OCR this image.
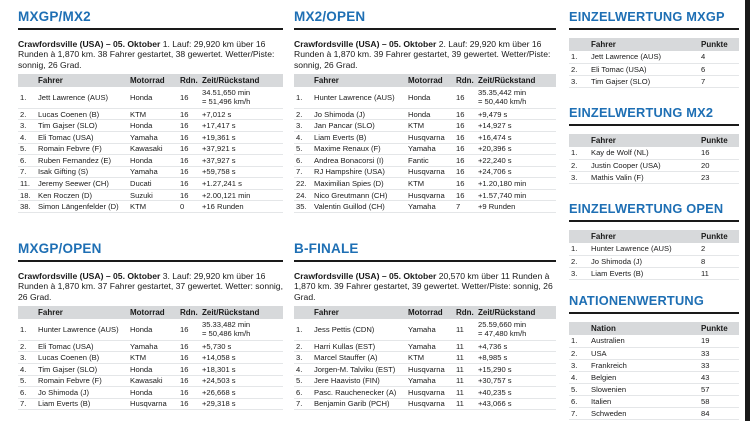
MXGP/MX2
Crawfordsville (USA) – 05. Oktober 1. Lauf: 29,920 km über 16 Runden à 1,870 km. 38 Fahrer gestartet, 38 gewertet. Wetter/Piste: sonnig, 26 Grad.
	Fahrer	Motorrad	Rdn.	Zeit/Rückstand
1.	Jett Lawrence (AUS)	Honda	16	34.51,650 min
= 51,496 km/h
2.	Lucas Coenen (B)	KTM	16	+7,012 s
3.	Tim Gajser (SLO)	Honda	16	+17,417 s
4.	Eli Tomac (USA)	Yamaha	16	+19,361 s
5.	Romain Febvre (F)	Kawasaki	16	+37,921 s
6.	Ruben Fernandez (E)	Honda	16	+37,927 s
7.	Isak Gifting (S)	Yamaha	16	+59,758 s
11.	Jeremy Seewer (CH)	Ducati	16	+1.27,241 s
18.	Ken Roczen (D)	Suzuki	16	+2.00,121 min
38.	Simon Längenfelder (D)	KTM	0	+16 Runden
MX2/OPEN
Crawfordsville (USA) – 05. Oktober 2. Lauf: 29,920 km über 16 Runden à 1,870 km. 39 Fahrer gestartet, 39 gewertet. Wetter/Piste: sonnig, 26 Grad.
	Fahrer	Motorrad	Rdn.	Zeit/Rückstand
1.	Hunter Lawrence (AUS)	Honda	16	35.35,442 min
= 50,440 km/h
2.	Jo Shimoda (J)	Honda	16	+9,479 s
3.	Jan Pancar (SLO)	KTM	16	+14,927 s
4.	Liam Everts (B)	Husqvarna	16	+16,474 s
5.	Maxime Renaux (F)	Yamaha	16	+20,396 s
6.	Andrea Bonacorsi (I)	Fantic	16	+22,240 s
7.	RJ Hampshire (USA)	Husqvarna	16	+24,706 s
22.	Maximilian Spies (D)	KTM	16	+1.20,180 min
24.	Nico Greutmann (CH)	Husqvarna	16	+1.57,740 min
35.	Valentin Guillod (CH)	Yamaha	7	+9 Runden
MXGP/OPEN
Crawfordsville (USA) – 05. Oktober 3. Lauf: 29,920 km über 16 Runden à 1,870 km. 37 Fahrer gestartet, 37 gewertet. Wetter: sonnig, 26 Grad.
	Fahrer	Motorrad	Rdn.	Zeit/Rückstand
1.	Hunter Lawrence (AUS)	Honda	16	35.33,482 min
= 50,486 km/h
2.	Eli Tomac (USA)	Yamaha	16	+5,730 s
3.	Lucas Coenen (B)	KTM	16	+14,058 s
4.	Tim Gajser (SLO)	Honda	16	+18,301 s
5.	Romain Febvre (F)	Kawasaki	16	+24,503 s
6.	Jo Shimoda (J)	Honda	16	+26,668 s
7.	Liam Everts (B)	Husqvarna	16	+29,318 s
B-FINALE
Crawfordsville (USA) – 05. Oktober 20,570 km über 11 Runden à 1,870 km. 39 Fahrer gestartet, 39 gewertet. Wetter/Piste: sonnig, 26 Grad.
	Fahrer	Motorrad	Rdn.	Zeit/Rückstand
1.	Jess Pettis (CDN)	Yamaha	11	25.59,660 min
= 47,480 km/h
2.	Harri Kullas (EST)	Yamaha	11	+4,736 s
3.	Marcel Stauffer (A)	KTM	11	+8,985 s
4.	Jorgen-M. Talviku (EST)	Husqvarna	11	+15,290 s
5.	Jere Haavisto (FIN)	Yamaha	11	+30,757 s
6.	Pasc. Rauchenecker (A)	Husqvarna	11	+40,235 s
7.	Benjamin Garib (PCH)	Husqvarna	11	+43,066 s
EINZELWERTUNG MXGP
	Fahrer	Punkte
1.	Jett Lawrence (AUS)	4
2.	Eli Tomac (USA)	6
3.	Tim Gajser (SLO)	7
EINZELWERTUNG MX2
	Fahrer	Punkte
1.	Kay de Wolf (NL)	16
2.	Justin Cooper (USA)	20
3.	Mathis Valin (F)	23
EINZELWERTUNG OPEN
	Fahrer	Punkte
1.	Hunter Lawrence (AUS)	2
2.	Jo Shimoda (J)	8
3.	Liam Everts (B)	11
NATIONENWERTUNG
	Nation	Punkte
1.	Australien	19
2.	USA	33
3.	Frankreich	33
4.	Belgien	43
5.	Slowenien	57
6.	Italien	58
7.	Schweden	84
